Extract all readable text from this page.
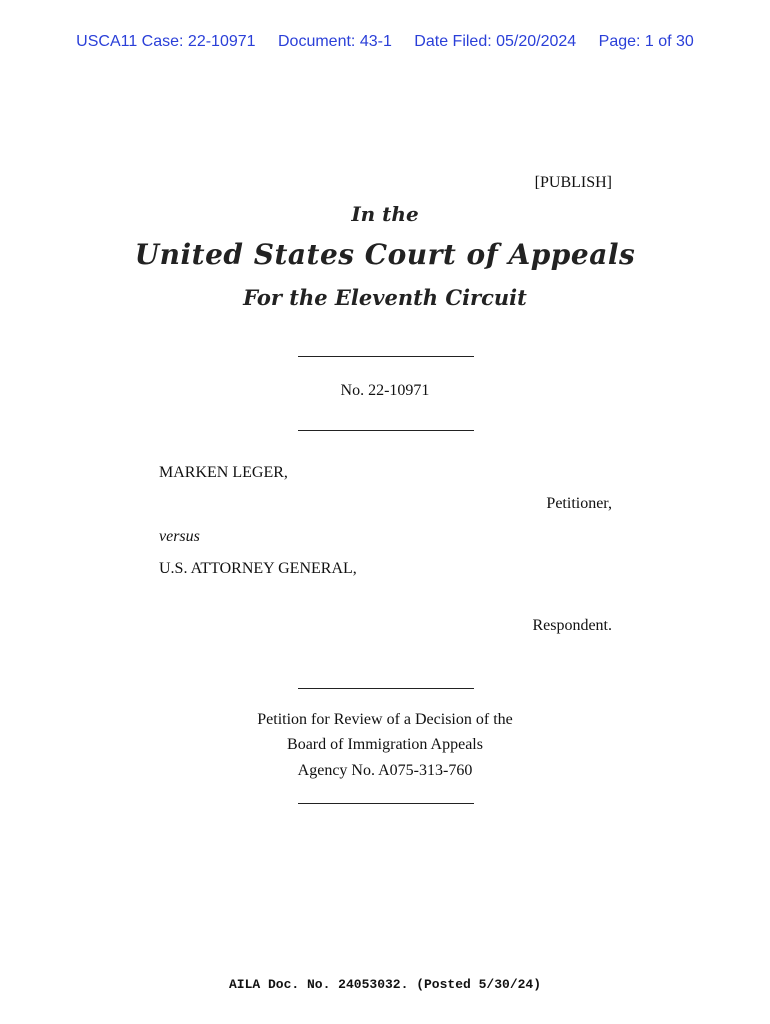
USCA11 Case: 22-10971 Document: 43-1 Date Filed: 05/20/2024 Page: 1 of 30
[PUBLISH]
In the
United States Court of Appeals
For the Eleventh Circuit
No. 22-10971
MARKEN LEGER,
Petitioner,
versus
U.S. ATTORNEY GENERAL,
Respondent.
Petition for Review of a Decision of the
Board of Immigration Appeals
Agency No. A075-313-760
AILA Doc. No. 24053032. (Posted 5/30/24)
